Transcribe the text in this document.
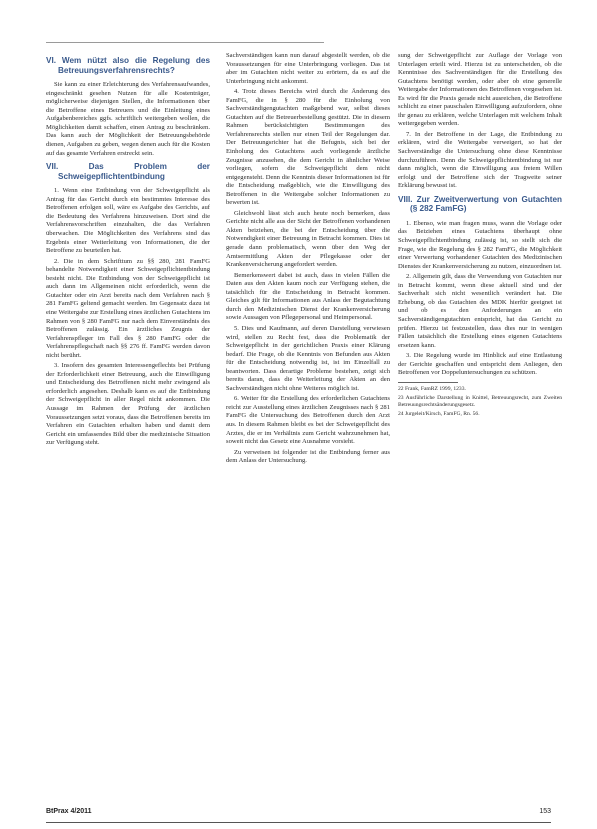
VI. Wem nützt also die Regelung des Betreuungsverfahrensrechts?

Sie kann zu einer Erleichterung des Verfahrensaufwandes, eingeschränkt gesehen Nutzen für alle Kostenträger, möglicherweise diejenigen Stellen, die Informationen über die Betroffene eines Betreuers und die Einleitung eines Aufgabenbereiches ggfs. schriftlich weitergeben wollen, die Möglichkeiten damit schaffen, einen Antrag zu beschränken. Das kann auch der Möglichkeit der Betreuungsbehörde dienen, Aufgaben zu geben, wegen denen auch für die Kosten auf das gesamte Verfahren erstreckt sein.

VII. Das Problem der Schweigepflichtentbindung

1. Wenn eine Entbindung von der Schweigepflicht als Antrag für das Gericht durch ein bestimmtes Interesse des Betroffenen erfolgen soll, wäre es Aufgabe des Gerichts, auf die Bedeutung des Verfahrens hinzuweisen. Dort sind die Verfahrensvorschriften einzuhalten, die das Verfahren überwachen. Die Möglichkeiten des Verfahrens sind das Ergebnis einer Weiterleitung von Informationen, die der Betroffene zu beurteilen hat.

2. Die in dem Schrifttum zu §§ 280, 281 FamFG behandelte Notwendigkeit einer Schweigepflichtentbindung besteht nicht. Die Entbindung von der Schweigepflicht ist auch dann im Allgemeinen nicht erforderlich, wenn die Gutachter oder ein Arzt bereits nach dem Verfahren nach § 281 FamFG geltend gemacht werden. Im Gegensatz dazu ist eine Weitergabe zur Erstellung eines ärztlichen Gutachtens im Rahmen von § 280 FamFG nur nach dem Einverständnis des Betroffenen zulässig. Ein ärztliches Zeugnis der Verfahrenspfleger im Fall des § 280 FamFG oder die Verfahrenspflegschaft nach §§ 276 ff. FamFG werden davon nicht berührt.

3. Insofern des gesamten Interessengeflechts bei Prüfung der Erforderlichkeit einer Betreuung, auch die Einwilligung und Entscheidung des Betroffenen nicht mehr zwingend als erforderlich angesehen. Deshalb kann es auf die Entbindung der Schweigepflicht in aller Regel nicht ankommen. Die Aussage im Rahmen der Prüfung der ärztlichen Voraussetzungen setzt voraus, dass die Betroffenen bereits im Verfahren ein Gutachten erhalten haben und damit dem Gericht ein umfassendes Bild über die medizinische Situation zur Verfügung steht.

Sachverständigen kann nun darauf abgestellt werden, ob die Voraussetzungen für eine Unterbringung vorliegen. Das ist aber im Gutachten nicht weiter zu erörtern, da es auf die Unterbringung nicht ankommt.

4. Trotz dieses Bereichs wird durch die Änderung des FamFG, die in § 280 für die Einholung von Sachverständigengutachten maßgebend war, selbst dieses Gutachten auf die Betreuerbestellung gestützt. Die in diesem Rahmen berücksichtigten Bestimmungen des Verfahrensrechts stellen nur einen Teil der Regelungen dar. Der Betreuungsrichter hat die Befugnis, sich bei der Einholung des Gutachtens auch vorliegende ärztliche Zeugnisse anzusehen, die dem Gericht in ähnlicher Weise vorliegen, sofern die Schweigepflicht dem nicht entgegensteht. Denn die Kenntnis dieser Informationen ist für die Entscheidung maßgeblich, wie die Einwilligung des Betroffenen in die Weitergabe solcher Informationen zu bewerten ist.

Gleichwohl lässt sich auch heute noch bemerken, dass Gerichte nicht alle aus der Sicht der Betroffenen vorhandenen Akten beiziehen, die bei der Entscheidung über die Notwendigkeit einer Betreuung in Betracht kommen. Dies ist gerade dann problematisch, wenn über den Weg der Amtsermittlung Akten der Pflegekasse oder der Krankenversicherung angefordert werden.

Bemerkenswert dabei ist auch, dass in vielen Fällen die Daten aus den Akten kaum noch zur Verfügung stehen, die tatsächlich für die Entscheidung in Betracht kommen. Gleiches gilt für Informationen aus Anlass der Begutachtung durch den Medizinischen Dienst der Krankenversicherung sowie Aussagen von Pflegepersonal und Heimpersonal.

5. Dies und Kaufmann, auf deren Darstellung verwiesen wird, stellen zu Recht fest, dass die Problematik der Schweigepflicht in der gerichtlichen Praxis einer Klärung bedarf. Die Frage, ob die Kenntnis von Befunden aus Akten für die Entscheidung notwendig ist, ist im Einzelfall zu beantworten. Dass derartige Probleme bestehen, zeigt sich bereits daran, dass die Weiterleitung der Akten an den Sachverständigen nicht ohne Weiteres möglich ist.

6. Weiter für die Erstellung des erforderlichen Gutachtens reicht zur Ausstellung eines ärztlichen Zeugnisses nach § 281 FamFG die Untersuchung des Betroffenen durch den Arzt aus. In diesem Rahmen bleibt es bei der Schweigepflicht des Arztes, die er im Verhältnis zum Gericht wahrzunehmen hat, soweit nicht das Gesetz eine Ausnahme vorsieht.

Zu verweisen ist folgender ist die Entbindung ferner aus dem Anlass der Untersuchung.

sung der Schweigepflicht zur Auflage der Vorlage von Unterlagen erteilt wird. Hierzu ist zu unterscheiden, ob die Kenntnisse des Sachverständigen für die Erstellung des Gutachtens benötigt werden, oder aber ob eine generelle Weitergabe der Informationen des Betroffenen vorgesehen ist. Es wird für die Praxis gerade nicht ausreichen, die Betroffene schlicht zu einer pauschalen Einwilligung aufzufordern, ohne ihr genau zu erklären, welche Unterlagen mit welchem Inhalt weitergegeben werden.

7. In der Betroffene in der Lage, die Entbindung zu erklären, wird die Weitergabe verweigert, so hat der Sachverständige die Untersuchung ohne diese Kenntnisse durchzuführen. Denn die Schweigepflichtentbindung ist nur dann möglich, wenn die Einwilligung aus freiem Willen erfolgt und der Betroffene sich der Tragweite seiner Erklärung bewusst ist.

VIII. Zur Zweitverwertung von Gutachten (§ 282 FamFG)

1. Ebenso, wie man fragen muss, wann die Vorlage oder das Beiziehen eines Gutachtens überhaupt ohne Schweigepflichtentbindung zulässig ist, so stellt sich die Frage, wie die Regelung des § 282 FamFG, die Möglichkeit einer Verwertung vorhandener Gutachten des Medizinischen Dienstes der Krankenversicherung zu nutzen, einzuordnen ist.

2. Allgemein gilt, dass die Verwendung von Gutachten nur in Betracht kommt, wenn diese aktuell sind und der Sachverhalt sich nicht wesentlich verändert hat. Die Erhebung, ob das Gutachten des MDK hierfür geeignet ist und ob es den Anforderungen an ein Sachverständigengutachten entspricht, hat das Gericht zu prüfen. Hierzu ist festzustellen, dass dies nur in wenigen Fällen tatsächlich die Erstellung eines eigenen Gutachtens ersetzen kann.

3. Die Regelung wurde im Hinblick auf eine Entlastung der Gerichte geschaffen und entspricht dem Anliegen, den Betroffenen vor Doppeluntersuchungen zu schützen.

22 Frank, FamRZ 1999, 1233.

23 Ausführliche Darstellung in Knittel, Betreuungsrecht, zum Zweiten Betreuungsrechtsänderungsgesetz.

24 Jurgeleit/Kirsch, FamFG, Rn. 56.

BtPrax 4/2011	153
